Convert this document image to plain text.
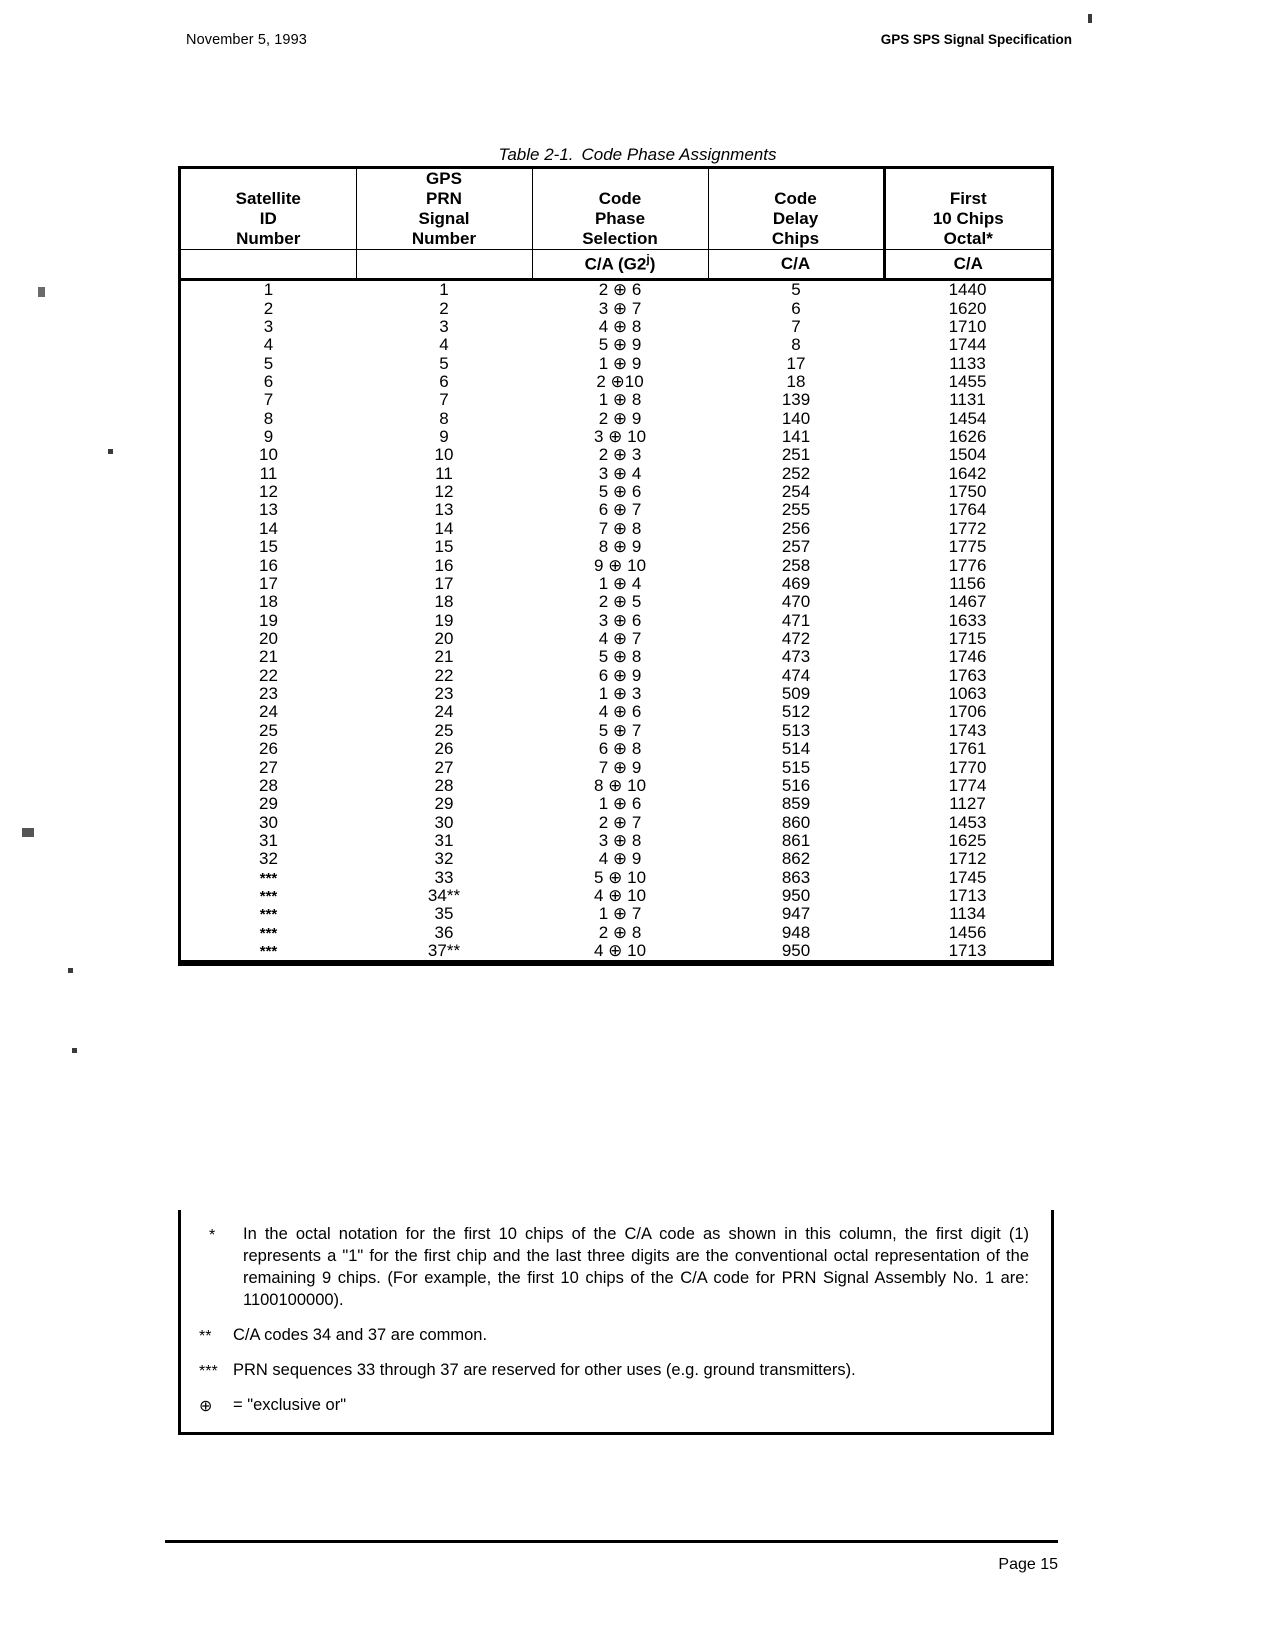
November 5, 1993	GPS SPS Signal Specification
Table 2-1. Code Phase Assignments
Satellite
ID
Number

GPS
PRN
Signal
Number

Code
Phase
Selection

Code
Delay
Chips

First
10 Chips
Octal*

		C/A (G2$^j$)	C/A	C/A
1	1	2 ⊕ 6	5	1440
2	2	3 ⊕ 7	6	1620
3	3	4 ⊕ 8	7	1710
4	4	5 ⊕ 9	8	1744
5	5	1 ⊕ 9	17	1133
6	6	2 ⊕10	18	1455
7	7	1 ⊕ 8	139	1131
8	8	2 ⊕ 9	140	1454
9	9	3 ⊕ 10	141	1626
10	10	2 ⊕ 3	251	1504
11	11	3 ⊕ 4	252	1642
12	12	5 ⊕ 6	254	1750
13	13	6 ⊕ 7	255	1764
14	14	7 ⊕ 8	256	1772
15	15	8 ⊕ 9	257	1775
16	16	9 ⊕ 10	258	1776
17	17	1 ⊕ 4	469	1156
18	18	2 ⊕ 5	470	1467
19	19	3 ⊕ 6	471	1633
20	20	4 ⊕ 7	472	1715
21	21	5 ⊕ 8	473	1746
22	22	6 ⊕ 9	474	1763
23	23	1 ⊕ 3	509	1063
24	24	4 ⊕ 6	512	1706
25	25	5 ⊕ 7	513	1743
26	26	6 ⊕ 8	514	1761
27	27	7 ⊕ 9	515	1770
28	28	8 ⊕ 10	516	1774
29	29	1 ⊕ 6	859	1127
30	30	2 ⊕ 7	860	1453
31	31	3 ⊕ 8	861	1625
32	32	4 ⊕ 9	862	1712
***	33	5 ⊕ 10	863	1745
***	34**	4 ⊕ 10	950	1713
***	35	1 ⊕ 7	947	1134
***	36	2 ⊕ 8	948	1456
***	37**	4 ⊕ 10	950	1713
*	In the octal notation for the first 10 chips of the C/A code as shown in this column, the first digit (1) represents a "1" for the first chip and the last three digits are the conventional octal representation of the remaining 9 chips. (For example, the first 10 chips of the C/A code for PRN Signal Assembly No. 1 are: 1100100000).
**	C/A codes 34 and 37 are common.
*** PRN sequences 33 through 37 are reserved for other uses (e.g. ground transmitters).
⊕	= "exclusive or"
Page 15
